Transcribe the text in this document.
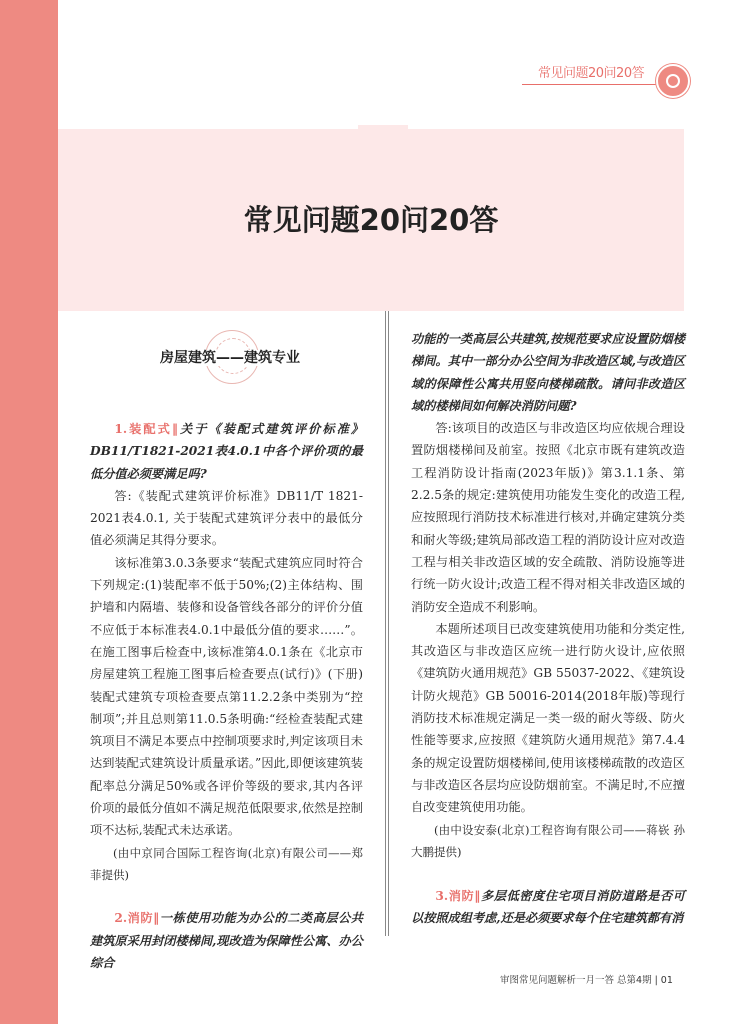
常见问题20问20答
常见问题20问20答
房屋建筑——建筑专业

1.装配式‖关于《装配式建筑评价标准》DB11/T1821-2021表4.0.1中各个评价项的最低分值必须要满足吗?

答:《装配式建筑评价标准》DB11/T 1821-2021表4.0.1, 关于装配式建筑评分表中的最低分值必须满足其得分要求。

该标准第3.0.3条要求“装配式建筑应同时符合下列规定:(1)装配率不低于50%;(2)主体结构、围护墙和内隔墙、装修和设备管线各部分的评价分值不应低于本标准表4.0.1中最低分值的要求……”。在施工图事后检查中,该标准第4.0.1条在《北京市房屋建筑工程施工图事后检查要点(试行)》(下册)装配式建筑专项检查要点第11.2.2条中类别为“控制项”;并且总则第11.0.5条明确:“经检查装配式建筑项目不满足本要点中控制项要求时,判定该项目未达到装配式建筑设计质量承诺。”因此,即便该建筑装配率总分满足50%或各评价等级的要求,其内各评价项的最低分值如不满足规范低限要求,依然是控制项不达标,装配式未达承诺。

(由中京同合国际工程咨询(北京)有限公司——郑菲提供)

2.消防‖一栋使用功能为办公的二类高层公共建筑原采用封闭楼梯间,现改造为保障性公寓、办公综合

功能的一类高层公共建筑,按规范要求应设置防烟楼梯间。其中一部分办公空间为非改造区域,与改造区域的保障性公寓共用竖向楼梯疏散。请问非改造区域的楼梯间如何解决消防问题?

答:该项目的改造区与非改造区均应依规合理设置防烟楼梯间及前室。按照《北京市既有建筑改造工程消防设计指南(2023年版)》第3.1.1条、第2.2.5条的规定:建筑使用功能发生变化的改造工程,应按照现行消防技术标准进行核对,并确定建筑分类和耐火等级;建筑局部改造工程的消防设计应对改造工程与相关非改造区域的安全疏散、消防设施等进行统一防火设计;改造工程不得对相关非改造区域的消防安全造成不利影响。

本题所述项目已改变建筑使用功能和分类定性,其改造区与非改造区应统一进行防火设计,应依照《建筑防火通用规范》GB 55037-2022、《建筑设计防火规范》GB 50016-2014(2018年版)等现行消防技术标准规定满足一类一级的耐火等级、防火性能等要求,应按照《建筑防火通用规范》第7.4.4条的规定设置防烟楼梯间,使用该楼梯疏散的改造区与非改造区各层均应设防烟前室。不满足时,不应擅自改变建筑使用功能。

(由中设安泰(北京)工程咨询有限公司——蒋嵚 孙大鹏提供)

3.消防‖多层低密度住宅项目消防道路是否可以按照成组考虑,还是必须要求每个住宅建筑都有消

审图常见问题解析一月一答 总第4期 | 01
